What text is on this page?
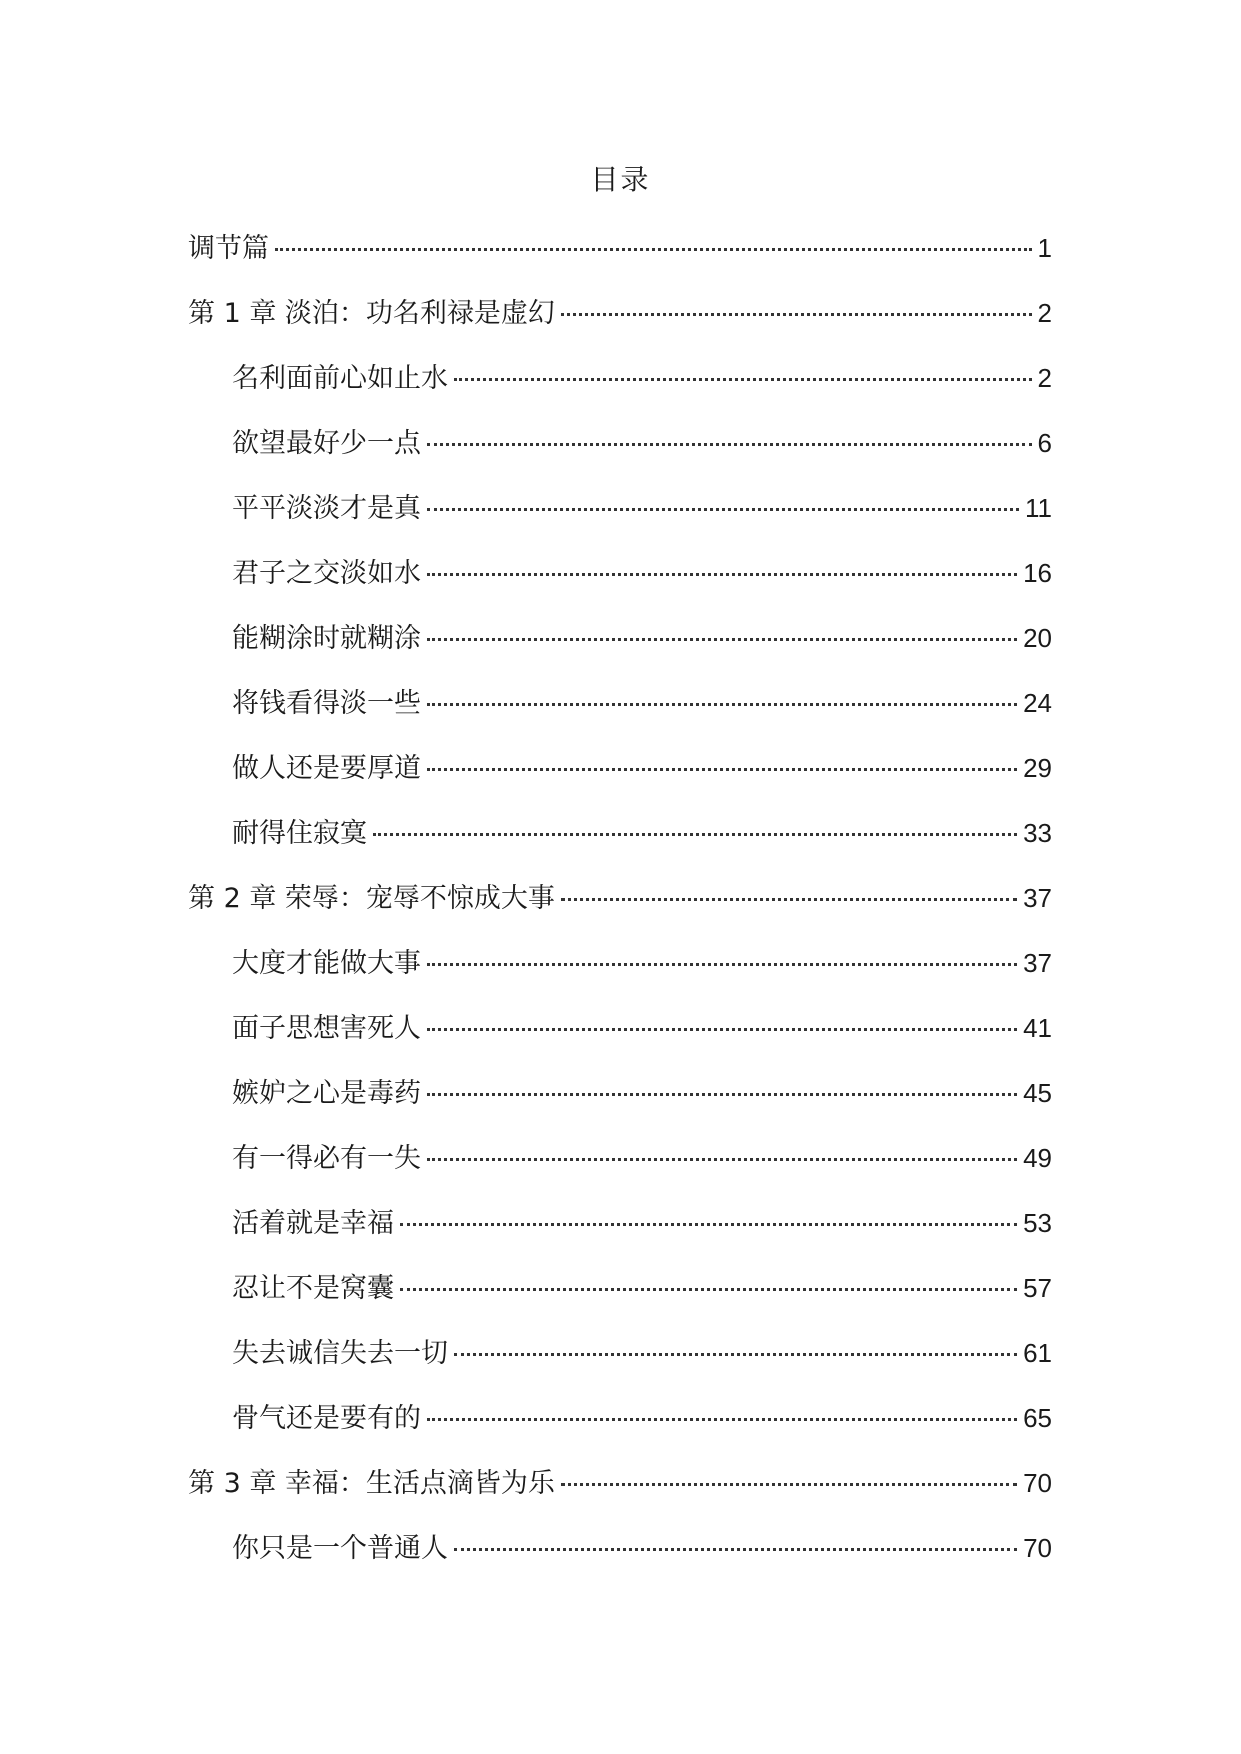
目录
调节篇	1
第 1 章 淡泊：功名利禄是虚幻	2
名利面前心如止水	2
欲望最好少一点	6
平平淡淡才是真	11
君子之交淡如水	16
能糊涂时就糊涂	20
将钱看得淡一些	24
做人还是要厚道	29
耐得住寂寞	33
第 2 章 荣辱：宠辱不惊成大事	37
大度才能做大事	37
面子思想害死人	41
嫉妒之心是毒药	45
有一得必有一失	49
活着就是幸福	53
忍让不是窝囊	57
失去诚信失去一切	61
骨气还是要有的	65
第 3 章 幸福：生活点滴皆为乐	70
你只是一个普通人	70
